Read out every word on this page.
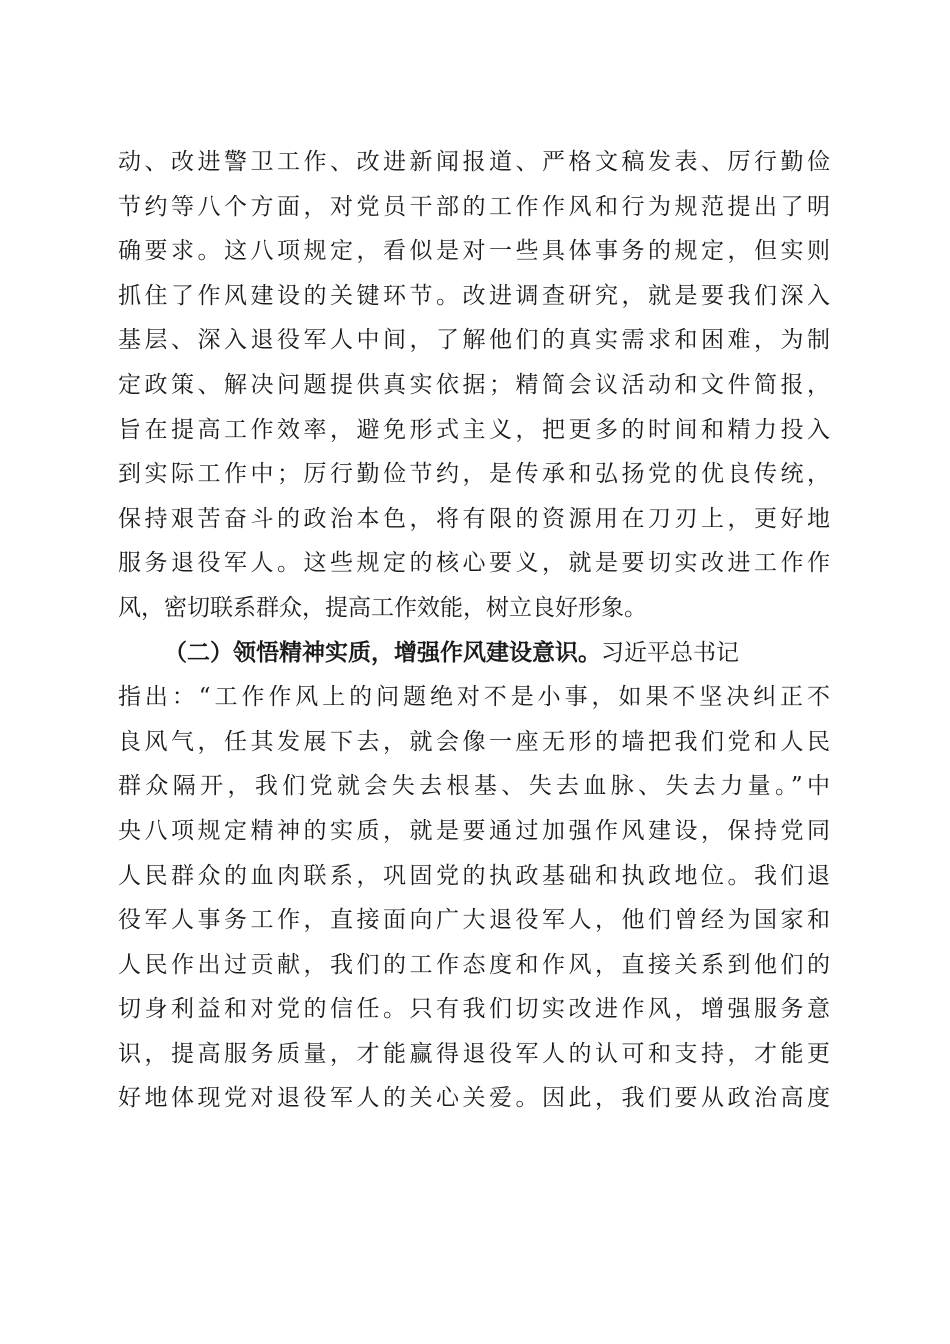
动、改进警卫工作、改进新闻报道、严格文稿发表、厉行勤俭
节约等八个方面，对党员干部的工作作风和行为规范提出了明
确要求。这八项规定，看似是对一些具体事务的规定，但实则
抓住了作风建设的关键环节。改进调查研究，就是要我们深入
基层、深入退役军人中间，了解他们的真实需求和困难，为制
定政策、解决问题提供真实依据；精简会议活动和文件简报，
旨在提高工作效率，避免形式主义，把更多的时间和精力投入
到实际工作中；厉行勤俭节约，是传承和弘扬党的优良传统，
保持艰苦奋斗的政治本色，将有限的资源用在刀刃上，更好地
服务退役军人。这些规定的核心要义，就是要切实改进工作作
风，密切联系群众，提高工作效能，树立良好形象。
（二）领悟精神实质，增强作风建设意识。习近平总书记
指出：“工作作风上的问题绝对不是小事，如果不坚决纠正不
良风气，任其发展下去，就会像一座无形的墙把我们党和人民
群众隔开，我们党就会失去根基、失去血脉、失去力量。”中
央八项规定精神的实质，就是要通过加强作风建设，保持党同
人民群众的血肉联系，巩固党的执政基础和执政地位。我们退
役军人事务工作，直接面向广大退役军人，他们曾经为国家和
人民作出过贡献，我们的工作态度和作风，直接关系到他们的
切身利益和对党的信任。只有我们切实改进作风，增强服务意
识，提高服务质量，才能赢得退役军人的认可和支持，才能更
好地体现党对退役军人的关心关爱。因此，我们要从政治高度
